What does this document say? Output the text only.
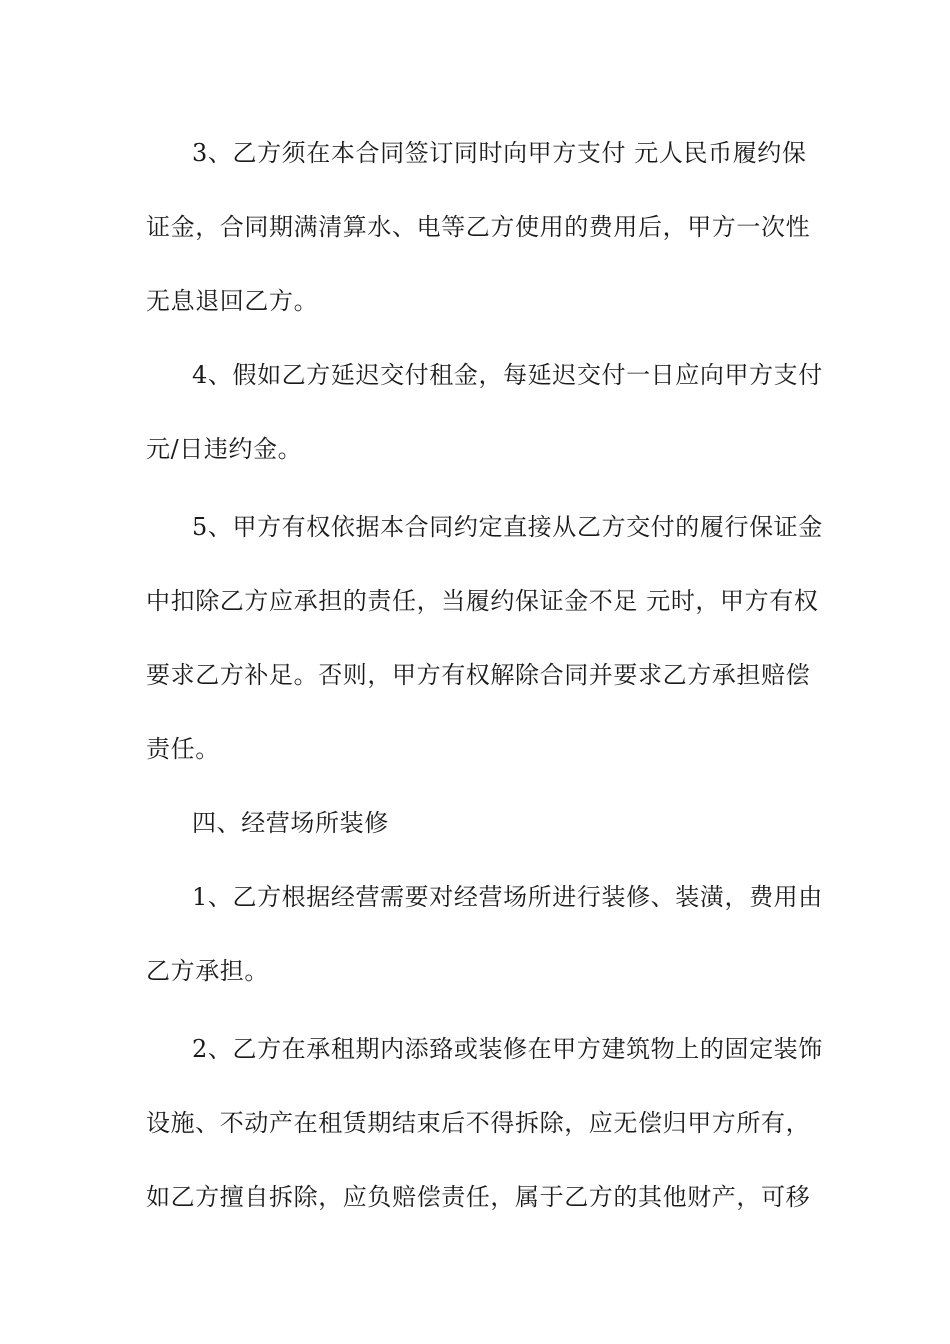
3、乙方须在本合同签订同时向甲方支付 元人民币履约保
证金，合同期满清算水、电等乙方使用的费用后，甲方一次性
无息退回乙方。
4、假如乙方延迟交付租金，每延迟交付一日应向甲方支付
元/日违约金。
5、甲方有权依据本合同约定直接从乙方交付的履行保证金
中扣除乙方应承担的责任，当履约保证金不足 元时，甲方有权
要求乙方补足。否则，甲方有权解除合同并要求乙方承担赔偿
责任。
四、经营场所装修
1、乙方根据经营需要对经营场所进行装修、装潢，费用由
乙方承担。
2、乙方在承租期内添臵或装修在甲方建筑物上的固定装饰
设施、不动产在租赁期结束后不得拆除，应无偿归甲方所有，
如乙方擅自拆除，应负赔偿责任，属于乙方的其他财产，可移
